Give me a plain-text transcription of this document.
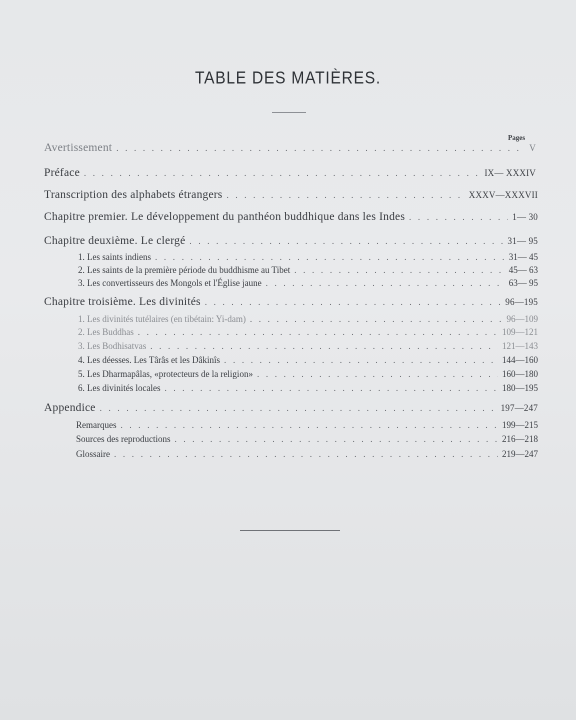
TABLE DES MATIÈRES.
Pages
Avertissement . . .	V
Préface . . .	IX— XXXIV
Transcription des alphabets étrangers . . .	XXXV—XXXVII
Chapitre premier. Le développement du panthéon buddhique dans les Indes . . .	1— 30
Chapitre deuxième. Le clergé . . .	31— 95
1. Les saints indiens . . .	31— 45
2. Les saints de la première période du buddhisme au Tibet . . .	45— 63
3. Les convertisseurs des Mongols et l'Église jaune . . .	63— 95
Chapitre troisième. Les divinités . . .	96—195
1. Les divinités tutélaires (en tibétain: Yi-dam) . . .	96—109
2. Les Buddhas . . .	109—121
3. Les Bodhisatvas . . .	121—143
4. Les déesses. Les Târâs et les Dâkinîs . . .	144—160
5. Les Dharmapâlas, «protecteurs de la religion» . . .	160—180
6. Les divinités locales . . .	180—195
Appendice . . .	197—247
Remarques . . .	199—215
Sources des reproductions . . .	216—218
Glossaire . . .	219—247
